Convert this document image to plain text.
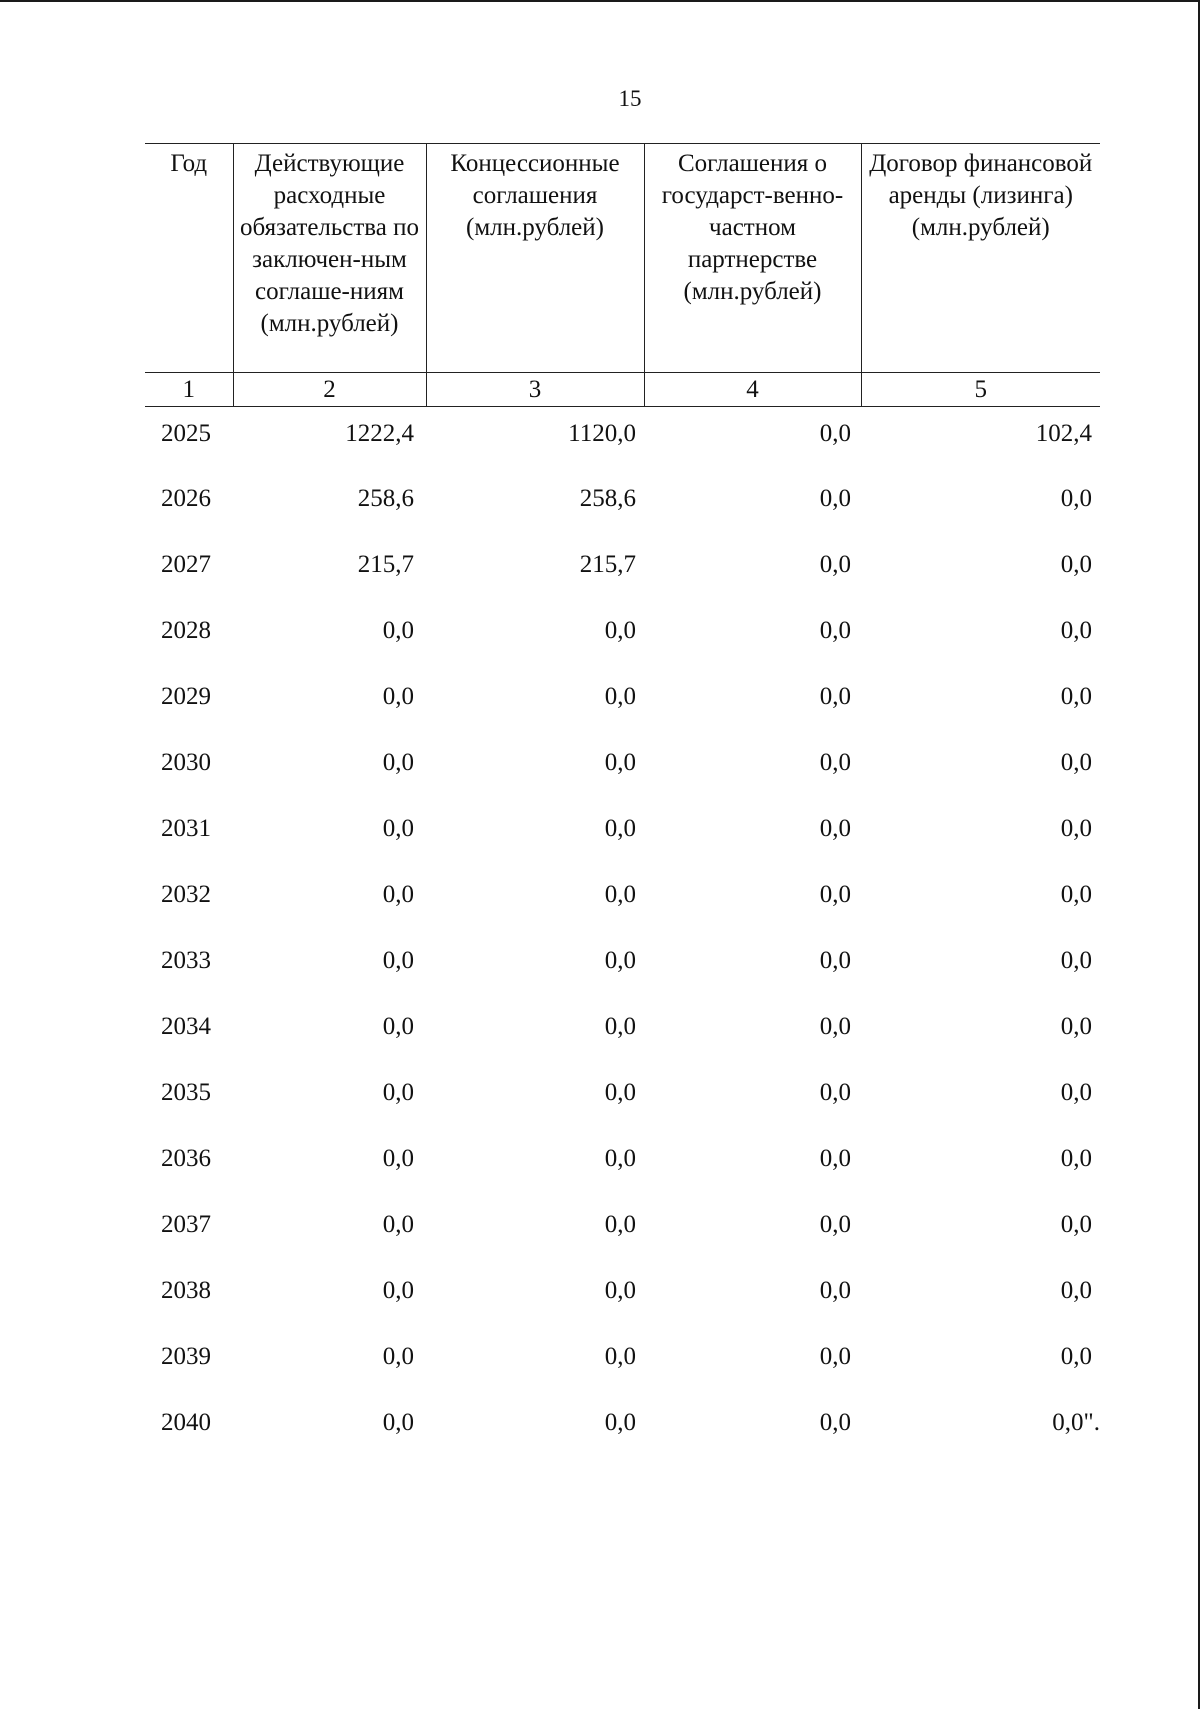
15
Год	Действующие расходные обязательства по заключен-ным соглаше-ниям (млн.рублей)	Концессионные соглашения (млн.рублей)	Соглашения о государст-венно-частном партнерстве (млн.рублей)	Договор финансовой аренды (лизинга) (млн.рублей)
1	2	3	4	5
2025	1222,4	1120,0	0,0	102,4
2026	258,6	258,6	0,0	0,0
2027	215,7	215,7	0,0	0,0
2028	0,0	0,0	0,0	0,0
2029	0,0	0,0	0,0	0,0
2030	0,0	0,0	0,0	0,0
2031	0,0	0,0	0,0	0,0
2032	0,0	0,0	0,0	0,0
2033	0,0	0,0	0,0	0,0
2034	0,0	0,0	0,0	0,0
2035	0,0	0,0	0,0	0,0
2036	0,0	0,0	0,0	0,0
2037	0,0	0,0	0,0	0,0
2038	0,0	0,0	0,0	0,0
2039	0,0	0,0	0,0	0,0
2040	0,0	0,0	0,0	0,0".
